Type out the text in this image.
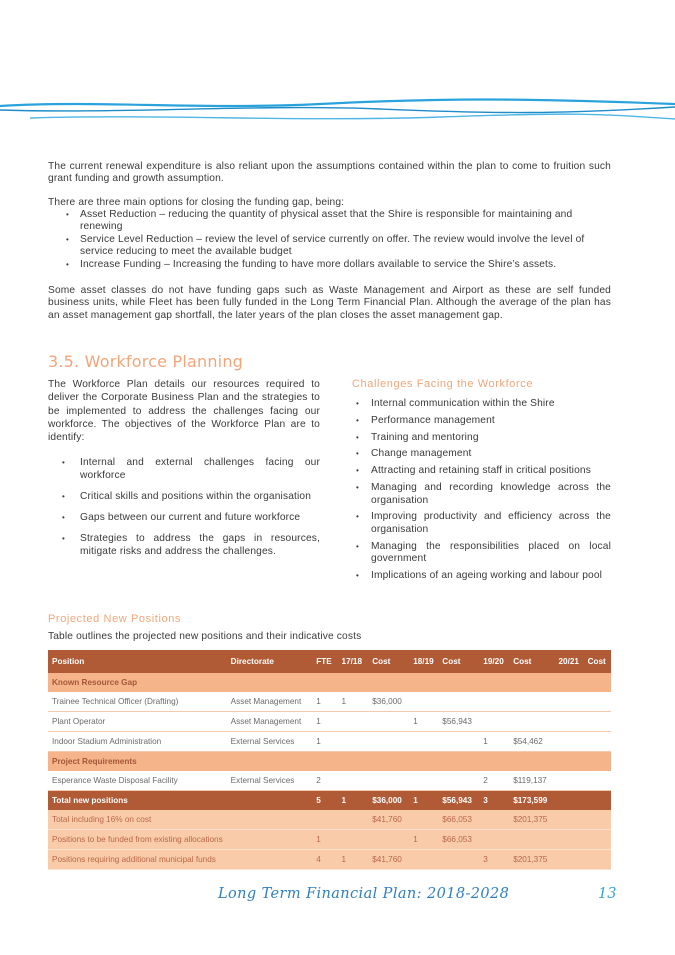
The current renewal expenditure is also reliant upon the assumptions contained within the plan to come to fruition such grant funding and growth assumption.

There are three main options for closing the funding gap, being:

• Asset Reduction – reducing the quantity of physical asset that the Shire is responsible for maintaining and renewing
• Service Level Reduction – review the level of service currently on offer. The review would involve the level of service reducing to meet the available budget
• Increase Funding – Increasing the funding to have more dollars available to service the Shire’s assets.

Some asset classes do not have funding gaps such as Waste Management and Airport as these are self funded business units, while Fleet has been fully funded in the Long Term Financial Plan. Although the average of the plan has an asset management gap shortfall, the later years of the plan closes the asset management gap.

3.5. Workforce Planning
The Workforce Plan details our resources required to deliver the Corporate Business Plan and the strategies to be implemented to address the challenges facing our workforce. The objectives of the Workforce Plan are to identify:
• Internal and external challenges facing our workforce
• Critical skills and positions within the organisation
• Gaps between our current and future workforce
• Strategies to address the gaps in resources, mitigate risks and address the challenges.
Challenges Facing the Workforce
• Internal communication within the Shire
• Performance management
• Training and mentoring
• Change management
• Attracting and retaining staff in critical positions
• Managing and recording knowledge across the organisation
• Improving productivity and efficiency across the organisation
• Managing the responsibilities placed on local government
• Implications of an ageing working and labour pool
Projected New Positions
Table outlines the projected new positions and their indicative costs
Position	Directorate	FTE	17/18	Cost	18/19	Cost	19/20	Cost	20/21	Cost
Known Resource Gap										
Trainee Technical Officer (Drafting)	Asset Management	1	1	$36,000						
Plant Operator	Asset Management	1			1	$56,943				
Indoor Stadium Administration	External Services	1					1	$54,462		
Project Requirements										
Esperance Waste Disposal Facility	External Services	2					2	$119,137		
Total new positions		5	1	$36,000	1	$56,943	3	$173,599		
Total including 16% on cost				$41,760		$66,053		$201,375		
Positions to be funded from existing allocations		1			1	$66,053				
Positions requiring additional municipal funds		4	1	$41,760			3	$201,375		
Long Term Financial Plan: 2018-2028	13
